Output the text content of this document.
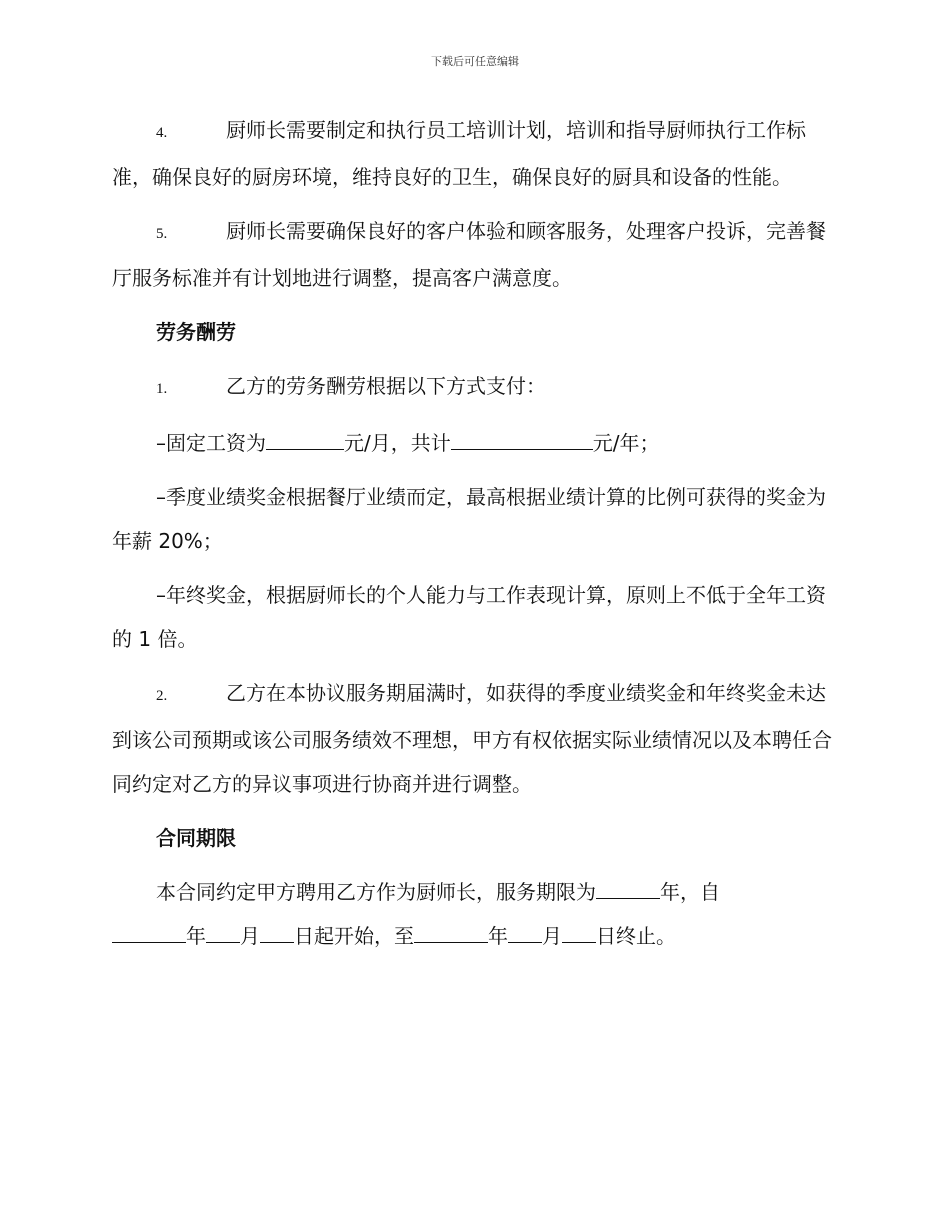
下载后可任意编辑

4.	厨师长需要制定和执行员工培训计划，培训和指导厨师执行工作标准，确保良好的厨房环境，维持良好的卫生，确保良好的厨具和设备的性能。

5.	厨师长需要确保良好的客户体验和顾客服务，处理客户投诉，完善餐厅服务标准并有计划地进行调整，提高客户满意度。

劳务酬劳

1.	乙方的劳务酬劳根据以下方式支付：

–固定工资为	元/月，共计	元/年；

–季度业绩奖金根据餐厅业绩而定，最高根据业绩计算的比例可获得的奖金为年薪 20%；

–年终奖金，根据厨师长的个人能力与工作表现计算，原则上不低于全年工资的 1 倍。

2.	乙方在本协议服务期届满时，如获得的季度业绩奖金和年终奖金未达到该公司预期或该公司服务绩效不理想，甲方有权依据实际业绩情况以及本聘任合同约定对乙方的异议事项进行协商并进行调整。

合同期限

本合同约定甲方聘用乙方作为厨师长，服务期限为	年，自
年 月 日起开始，至	年 月 日终止。
